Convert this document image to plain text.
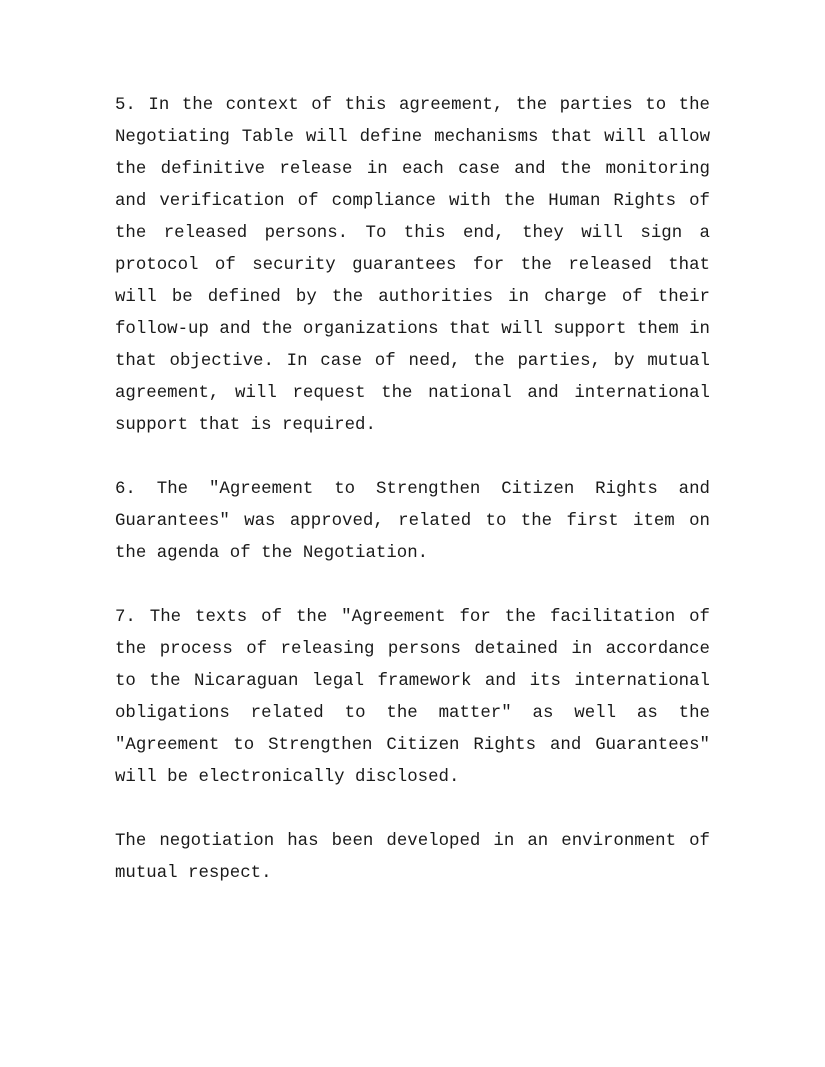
5. In the context of this agreement, the parties to the Negotiating Table will define mechanisms that will allow the definitive release in each case and the monitoring and verification of compliance with the Human Rights of the released persons. To this end, they will sign a protocol of security guarantees for the released that will be defined by the authorities in charge of their follow-up and the organizations that will support them in that objective. In case of need, the parties, by mutual agreement, will request the national and international support that is required.

6. The "Agreement to Strengthen Citizen Rights and Guarantees" was approved, related to the first item on the agenda of the Negotiation.

7. The texts of the "Agreement for the facilitation of the process of releasing persons detained in accordance to the Nicaraguan legal framework and its international obligations related to the matter" as well as the "Agreement to Strengthen Citizen Rights and Guarantees" will be electronically disclosed.

The negotiation has been developed in an environment of mutual respect.
